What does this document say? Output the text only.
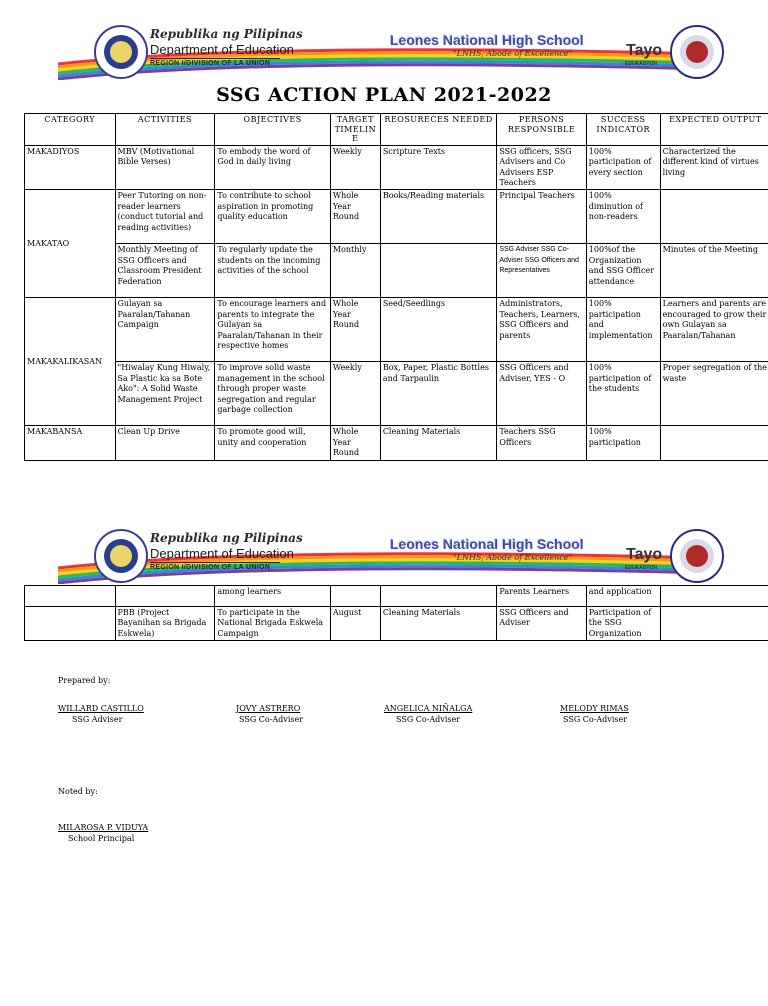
Republika ng Pilipinas
Department of Education
REGION I/DIVISION OF LA UNION
Leones National High School
"LNHS, Abode of Excellence"	Tayo
EDUKASYON
SSG ACTION PLAN 2021-2022
CATEGORY	ACTIVITIES	OBJECTIVES	TARGET TIMELINE	REOSURECES NEEDED	PERSONS RESPONSIBLE	SUCCESS INDICATOR	EXPECTED OUTPUT
MAKADIYOS	MBV (Motivational Bible Verses)	To embody the word of God in daily living	Weekly	Scripture Texts	SSG officers, SSG Advisers and Co Advisers ESP Teachers	100% participation of every section	Characterized the different kind of virtues living
MAKATAO	Peer Tutoring on non-reader learners (conduct tutorial and reading activities)	To contribute to school aspiration in promoting quality education	Whole Year Round	Books/Reading materials	Principal Teachers	100% diminution of non-readers	
	Monthly Meeting of SSG Officers and Classroom President Federation	To regularly update the students on the incoming activities of the school	Monthly		SSG Adviser SSG Co-Adviser SSG Officers and Representatives	100%of the Organization and SSG Officer attendance	Minutes of the Meeting
MAKAKALIKASAN	Gulayan sa Paaralan/Tahanan Campaign	To encourage learners and parents to integrate the Gulayan sa Paaralan/Tahanan in their respective homes	Whole Year Round	Seed/Seedlings	Administrators, Teachers, Learners, SSG Officers and parents	100% participation and implementation	Learners and parents are encouraged to grow their own Gulayan sa Paaralan/Tahanan
	"Hiwalay Kung Hiwaly, Sa Plastic ka sa Bote Ako": A Solid Waste Management Project	To improve solid waste management in the school through proper waste segregation and regular garbage collection	Weekly	Box, Paper, Plastic Bottles and Tarpaulin	SSG Officers and Adviser, YES - O	100% participation of the students	Proper segregation of the waste
MAKABANSA	Clean Up Drive	To promote good will, unity and cooperation	Whole Year Round	Cleaning Materials	Teachers SSG Officers	100% participation	
Republika ng Pilipinas
Department of Education
REGION I/DIVISION OF LA UNION
Leones National High School
"LNHS, Abode of Excellence"	Tayo
EDUKASYON
		among learners			Parents Learners	and application	
	PBB (Project Bayanihan sa Brigada Eskwela)	To participate in the National Brigada Eskwela Campaign	August	Cleaning Materials	SSG Officers and Adviser	Participation of the SSG Organization	
Prepared by:
WILLARD CASTILLO
SSG Adviser
JOVY ASTRERO
SSG Co-Adviser
ANGELICA NIÑALGA
SSG Co-Adviser
MELODY RIMAS
SSG Co-Adviser
Noted by:
MILAROSA P. VIDUYA
School Principal
